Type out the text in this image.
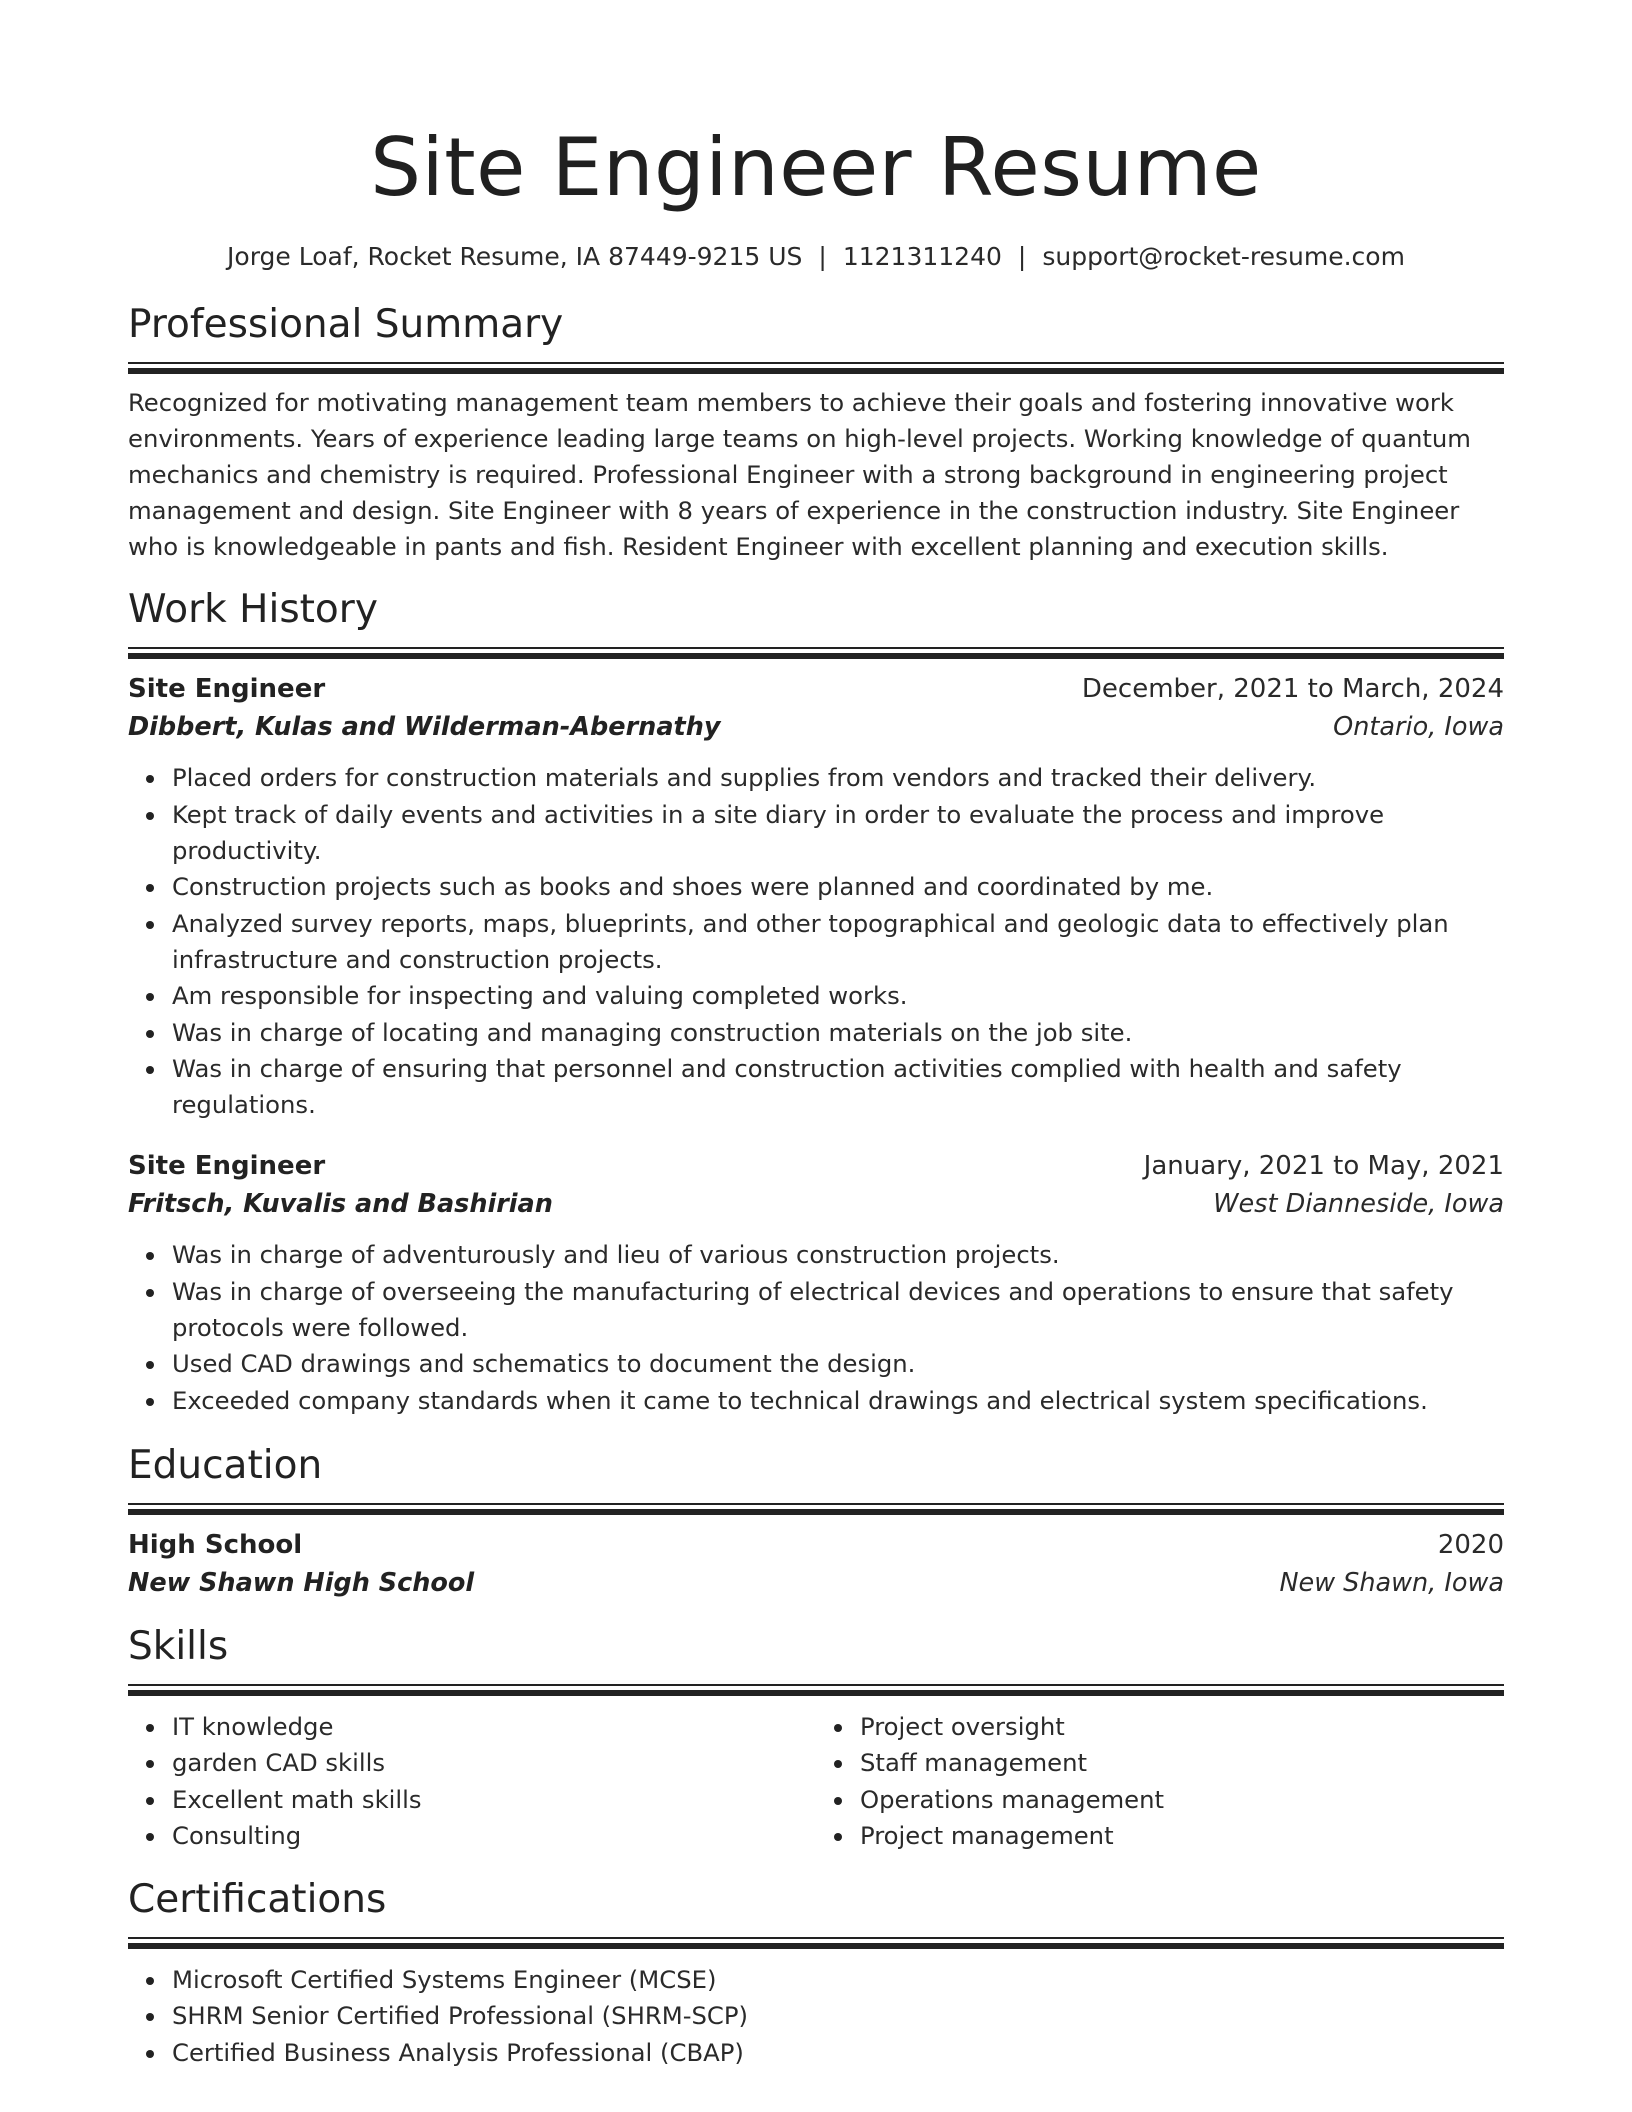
Site Engineer Resume
Jorge Loaf, Rocket Resume, IA 87449-9215 US | 1121311240 | support@rocket-resume.com
Professional Summary

Recognized for motivating management team members to achieve their goals and fostering innovative work environments. Years of experience leading large teams on high-level projects. Working knowledge of quantum mechanics and chemistry is required. Professional Engineer with a strong background in engineering project management and design. Site Engineer with 8 years of experience in the construction industry. Site Engineer who is knowledgeable in pants and fish. Resident Engineer with excellent planning and execution skills.

Work History
Site Engineer	December, 2021 to March, 2024
Dibbert, Kulas and Wilderman-Abernathy	Ontario, Iowa
Placed orders for construction materials and supplies from vendors and tracked their delivery.
Kept track of daily events and activities in a site diary in order to evaluate the process and improve productivity.
Construction projects such as books and shoes were planned and coordinated by me.
Analyzed survey reports, maps, blueprints, and other topographical and geologic data to effectively plan infrastructure and construction projects.
Am responsible for inspecting and valuing completed works.
Was in charge of locating and managing construction materials on the job site.
Was in charge of ensuring that personnel and construction activities complied with health and safety regulations.
Site Engineer	January, 2021 to May, 2021
Fritsch, Kuvalis and Bashirian	West Dianneside, Iowa
Was in charge of adventurously and lieu of various construction projects.
Was in charge of overseeing the manufacturing of electrical devices and operations to ensure that safety protocols were followed.
Used CAD drawings and schematics to document the design.
Exceeded company standards when it came to technical drawings and electrical system specifications.
Education
High School	2020
New Shawn High School	New Shawn, Iowa
Skills
IT knowledge
garden CAD skills
Excellent math skills
Consulting
Project oversight
Staff management
Operations management
Project management
Certifications
Microsoft Certified Systems Engineer (MCSE)
SHRM Senior Certified Professional (SHRM-SCP)
Certified Business Analysis Professional (CBAP)
